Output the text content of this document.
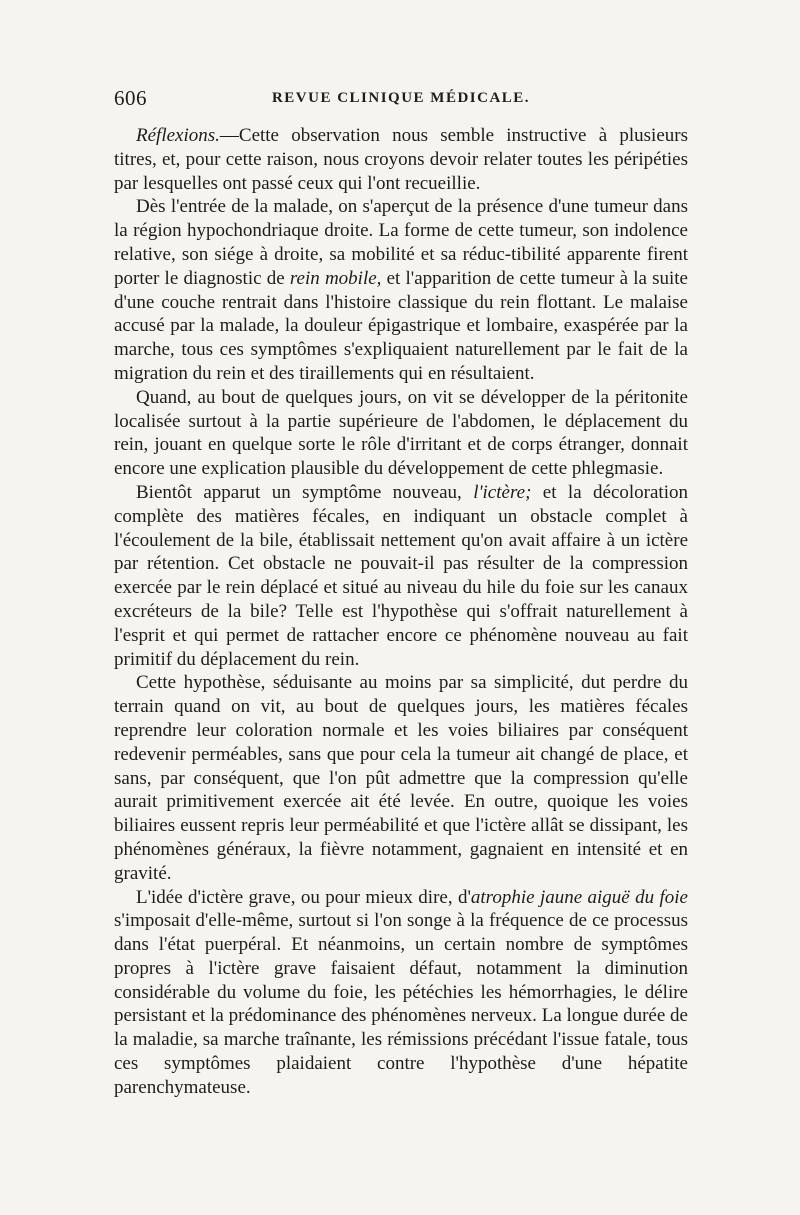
606	REVUE CLINIQUE MÉDICALE.

Réflexions.—Cette observation nous semble instructive à plusieurs titres, et, pour cette raison, nous croyons devoir relater toutes les péripéties par lesquelles ont passé ceux qui l'ont recueillie.

Dès l'entrée de la malade, on s'aperçut de la présence d'une tumeur dans la région hypochondriaque droite. La forme de cette tumeur, son indolence relative, son siége à droite, sa mobilité et sa réduc-tibilité apparente firent porter le diagnostic de rein mobile, et l'apparition de cette tumeur à la suite d'une couche rentrait dans l'histoire classique du rein flottant. Le malaise accusé par la malade, la douleur épigastrique et lombaire, exaspérée par la marche, tous ces symptômes s'expliquaient naturellement par le fait de la migration du rein et des tiraillements qui en résultaient.

Quand, au bout de quelques jours, on vit se développer de la péritonite localisée surtout à la partie supérieure de l'abdomen, le déplacement du rein, jouant en quelque sorte le rôle d'irritant et de corps étranger, donnait encore une explication plausible du développement de cette phlegmasie.

Bientôt apparut un symptôme nouveau, l'ictère; et la décoloration complète des matières fécales, en indiquant un obstacle complet à l'écoulement de la bile, établissait nettement qu'on avait affaire à un ictère par rétention. Cet obstacle ne pouvait-il pas résulter de la compression exercée par le rein déplacé et situé au niveau du hile du foie sur les canaux excréteurs de la bile? Telle est l'hypothèse qui s'offrait naturellement à l'esprit et qui permet de rattacher encore ce phénomène nouveau au fait primitif du déplacement du rein.

Cette hypothèse, séduisante au moins par sa simplicité, dut perdre du terrain quand on vit, au bout de quelques jours, les matières fécales reprendre leur coloration normale et les voies biliaires par conséquent redevenir perméables, sans que pour cela la tumeur ait changé de place, et sans, par conséquent, que l'on pût admettre que la compression qu'elle aurait primitivement exercée ait été levée. En outre, quoique les voies biliaires eussent repris leur perméabilité et que l'ictère allât se dissipant, les phénomènes généraux, la fièvre notamment, gagnaient en intensité et en gravité.

L'idée d'ictère grave, ou pour mieux dire, d'atrophie jaune aiguë du foie s'imposait d'elle-même, surtout si l'on songe à la fréquence de ce processus dans l'état puerpéral. Et néanmoins, un certain nombre de symptômes propres à l'ictère grave faisaient défaut, notamment la diminution considérable du volume du foie, les pétéchies les hémorrhagies, le délire persistant et la prédominance des phénomènes nerveux. La longue durée de la maladie, sa marche traînante, les rémissions précédant l'issue fatale, tous ces symptômes plaidaient contre l'hypothèse d'une hépatite parenchymateuse.
